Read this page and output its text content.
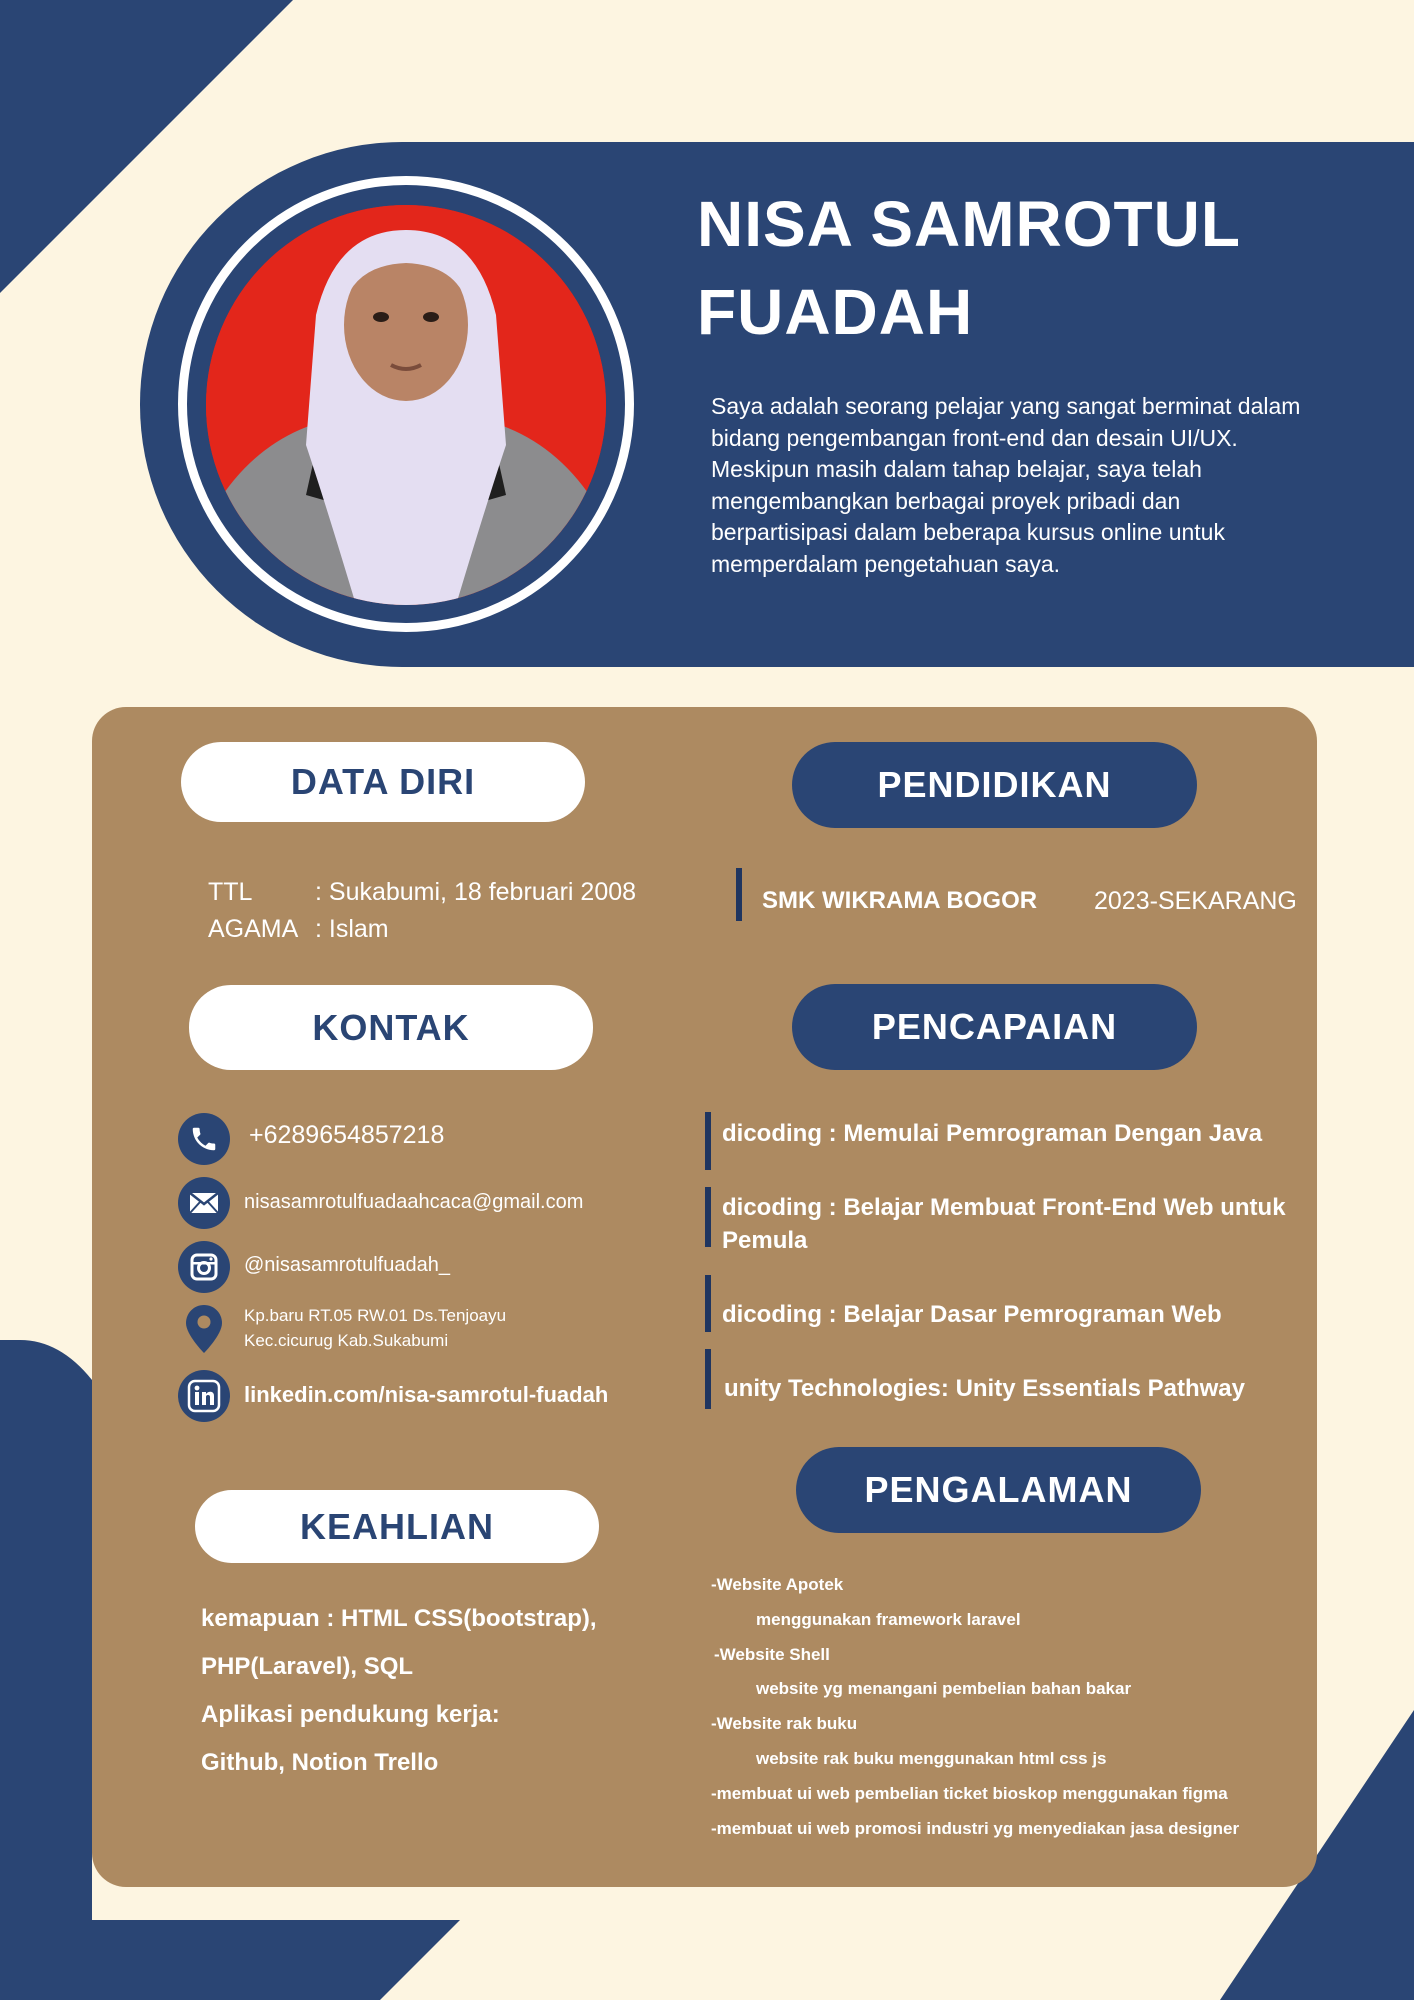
NISA SAMROTUL FUADAH

Saya adalah seorang pelajar yang sangat berminat dalam bidang pengembangan front-end dan desain UI/UX. Meskipun masih dalam tahap belajar, saya telah mengembangkan berbagai proyek pribadi dan berpartisipasi dalam beberapa kursus online untuk memperdalam pengetahuan saya.

DATA DIRI
TTL	: Sukabumi, 18 februari 2008
AGAMA : Islam
PENDIDIKAN
SMK WIKRAMA BOGOR 2023-SEKARANG
KONTAK
+6289654857218
nisasamrotulfuadaahcaca@gmail.com
@nisasamrotulfuadah_
Kp.baru RT.05 RW.01 Ds.Tenjoayu
Kec.cicurug Kab.Sukabumi
linkedin.com/nisa-samrotul-fuadah
PENCAPAIAN
dicoding : Memulai Pemrograman Dengan Java
dicoding : Belajar Membuat Front-End Web untuk
Pemula
dicoding : Belajar Dasar Pemrograman Web
unity Technologies: Unity Essentials Pathway
KEAHLIAN
kemapuan : HTML CSS(bootstrap),
PHP(Laravel), SQL
Aplikasi pendukung kerja:
Github, Notion Trello
PENGALAMAN
-Website Apotek
menggunakan framework laravel
-Website Shell
website yg menangani pembelian bahan bakar
-Website rak buku
website rak buku menggunakan html css js
-membuat ui web pembelian ticket bioskop menggunakan figma
-membuat ui web promosi industri yg menyediakan jasa designer
